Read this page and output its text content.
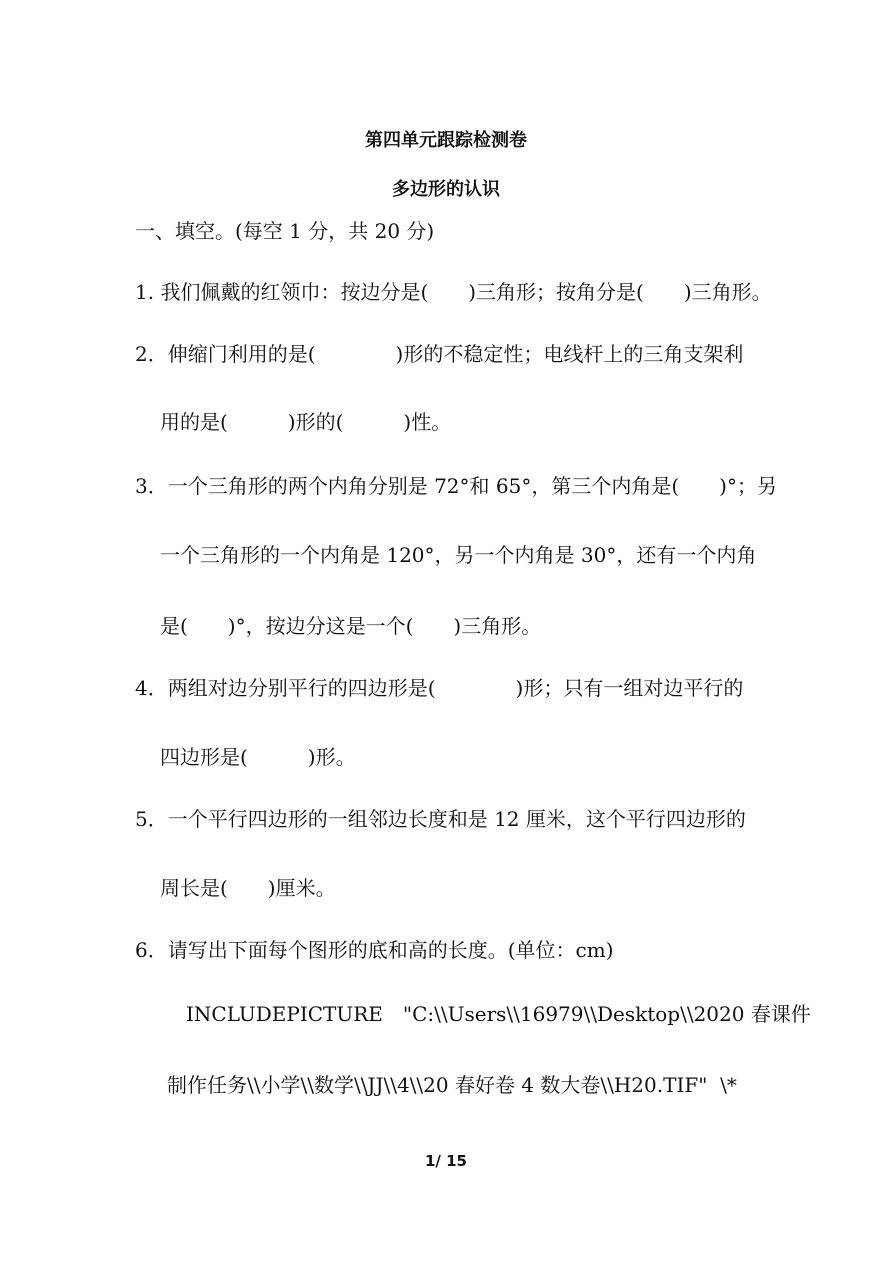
第四单元跟踪检测卷
多边形的认识
一、填空。(每空 1 分，共 20 分)
1. 我们佩戴的红领巾：按边分是(　　)三角形；按角分是(　　)三角形。
2．伸缩门利用的是(　　　　)形的不稳定性；电线杆上的三角支架利
用的是(　　　)形的(　　　)性。
3．一个三角形的两个内角分别是 72°和 65°，第三个内角是(　　)°；另
一个三角形的一个内角是 120°，另一个内角是 30°，还有一个内角
是(　　)°，按边分这是一个(　　)三角形。
4．两组对边分别平行的四边形是(　　　　)形；只有一组对边平行的
四边形是(　　　)形。
5．一个平行四边形的一组邻边长度和是 12 厘米，这个平行四边形的
周长是(　　)厘米。
6．请写出下面每个图形的底和高的长度。(单位：cm)
INCLUDEPICTURE　"C:\\Users\\16979\\Desktop\\2020 春课件
制作任务\\小学\\数学\\JJ\\4\\20 春好卷 4 数大卷\\H20.TIF"  \*
1/ 15
